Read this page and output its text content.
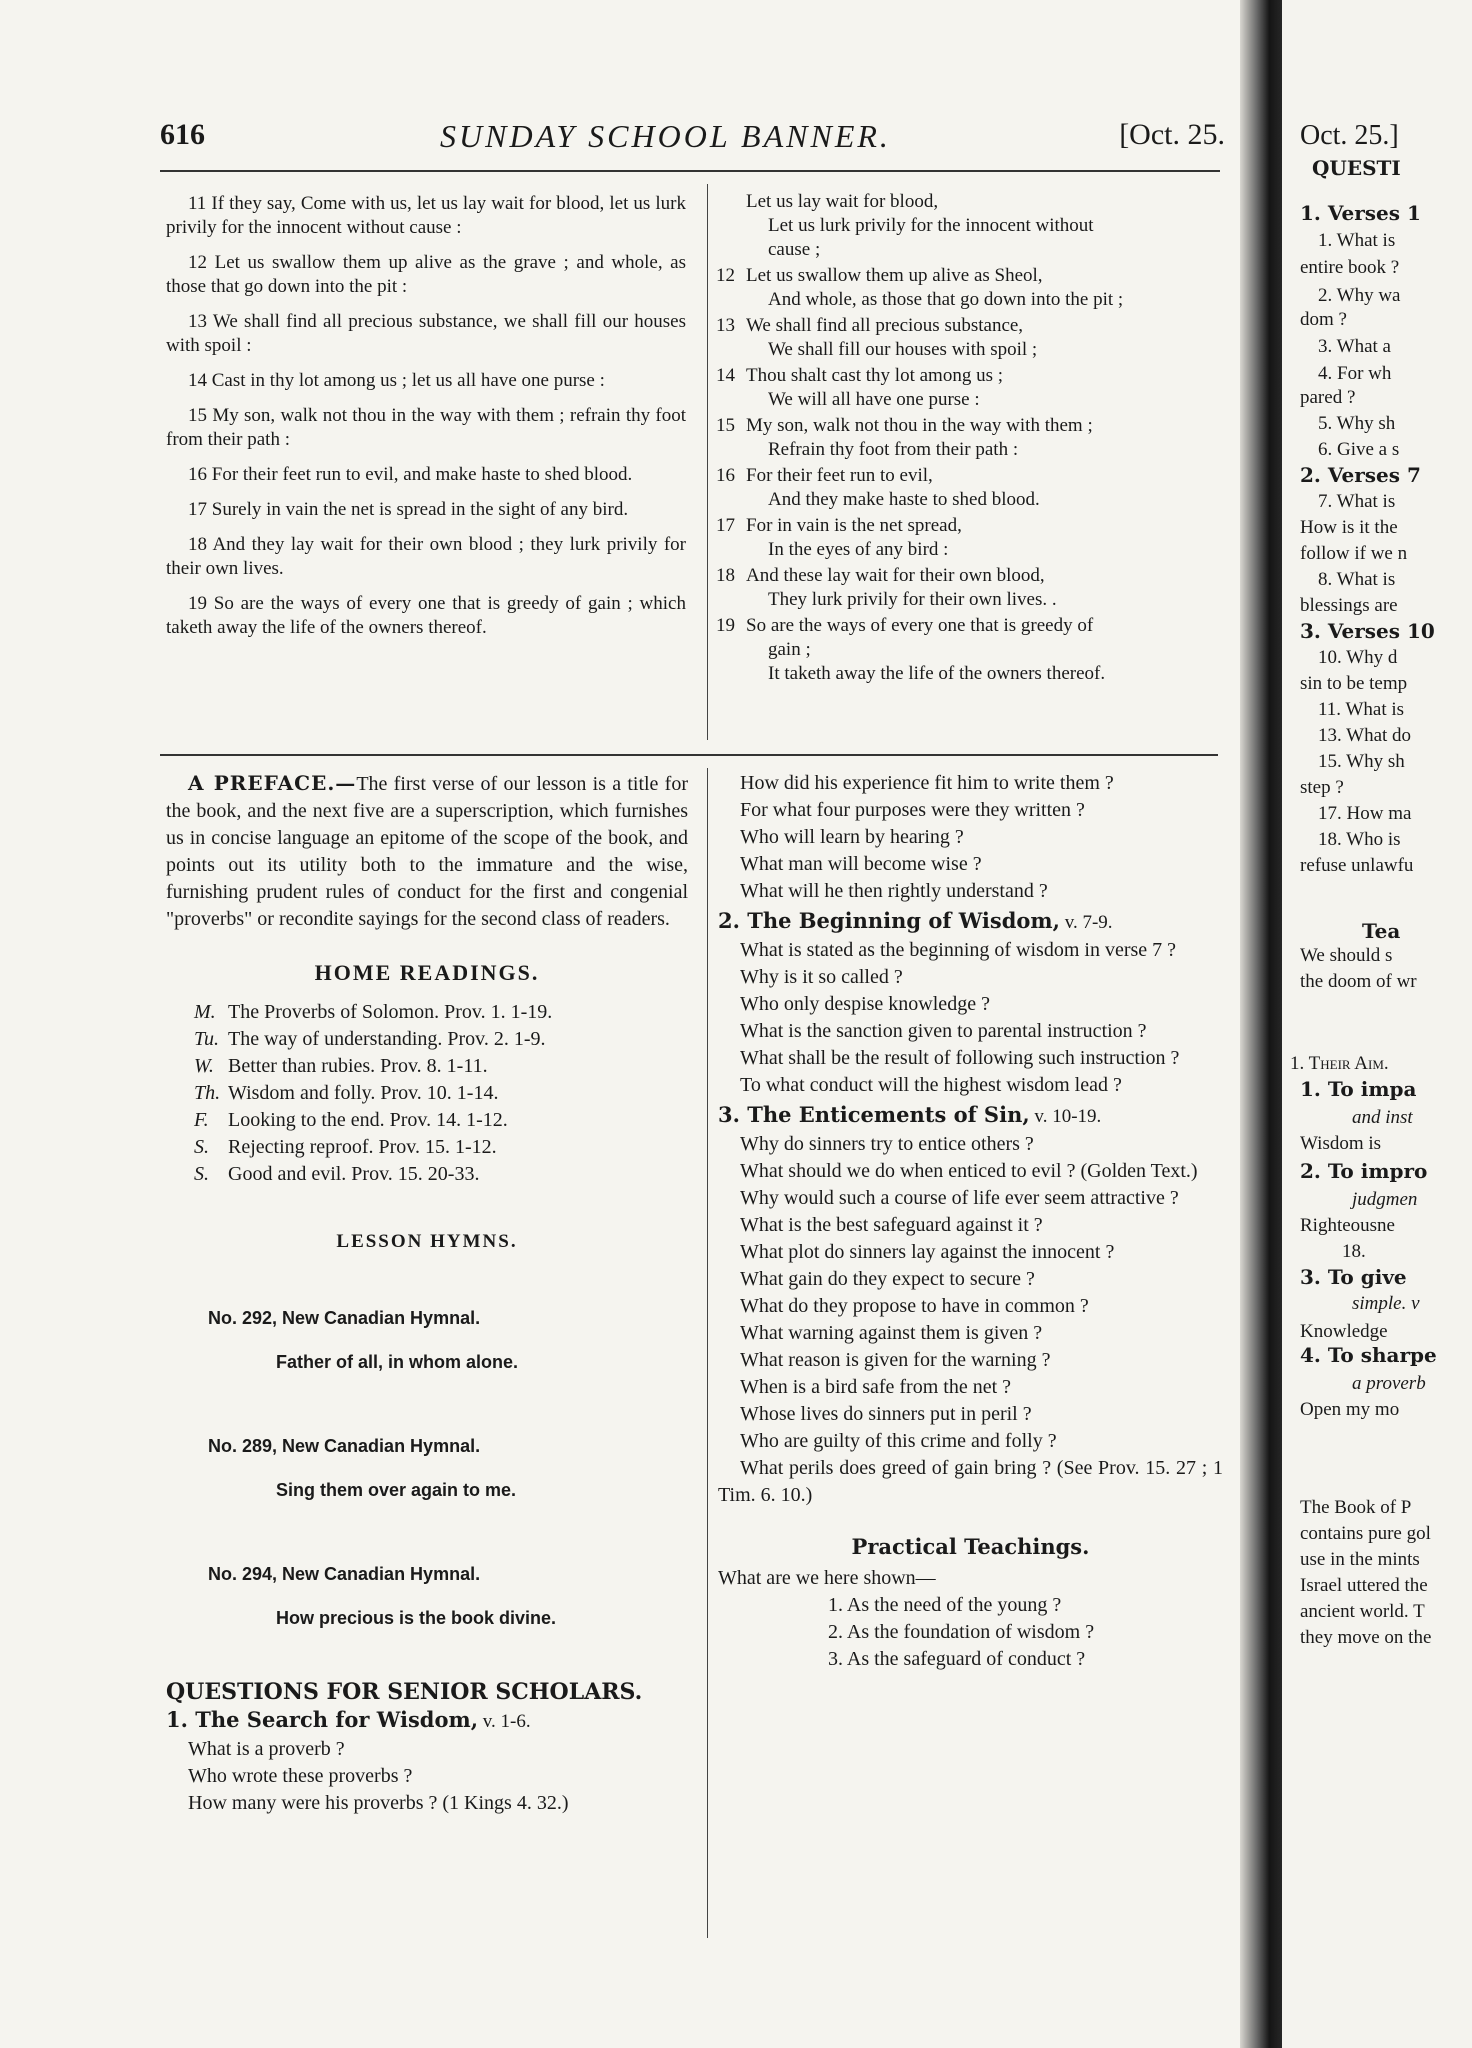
616	SUNDAY SCHOOL BANNER.	[Oct. 25.

11 If they say, Come with us, let us lay wait for blood, let us lurk privily for the innocent without cause :

12 Let us swallow them up alive as the grave ; and whole, as those that go down into the pit :

13 We shall find all precious substance, we shall fill our houses with spoil :

14 Cast in thy lot among us ; let us all have one purse :

15 My son, walk not thou in the way with them ; refrain thy foot from their path :

16 For their feet run to evil, and make haste to shed blood.

17 Surely in vain the net is spread in the sight of any bird.

18 And they lay wait for their own blood ; they lurk privily for their own lives.

19 So are the ways of every one that is greedy of gain ; which taketh away the life of the owners thereof.

Let us lay wait for blood,
Let us lurk privily for the innocent without
cause ;
12 Let us swallow them up alive as Sheol,
And whole, as those that go down into the pit ;
13 We shall find all precious substance,
We shall fill our houses with spoil ;
14 Thou shalt cast thy lot among us ;
We will all have one purse :
15 My son, walk not thou in the way with them ;
Refrain thy foot from their path :
16 For their feet run to evil,
And they make haste to shed blood.
17 For in vain is the net spread,
In the eyes of any bird :
18 And these lay wait for their own blood,
They lurk privily for their own lives. .
19 So are the ways of every one that is greedy of
gain ;
It taketh away the life of the owners thereof.

A PREFACE.—The first verse of our lesson is a title for the book, and the next five are a superscription, which furnishes us in concise language an epitome of the scope of the book, and points out its utility both to the immature and the wise, furnishing prudent rules of conduct for the first and congenial "proverbs" or recondite sayings for the second class of readers.

HOME READINGS.
M. The Proverbs of Solomon. Prov. 1. 1-19.
Tu. The way of understanding. Prov. 2. 1-9.
W. Better than rubies. Prov. 8. 1-11.
Th. Wisdom and folly. Prov. 10. 1-14.
F. Looking to the end. Prov. 14. 1-12.
S. Rejecting reproof. Prov. 15. 1-12.
S. Good and evil. Prov. 15. 20-33.
LESSON HYMNS.
No. 292, New Canadian Hymnal.
Father of all, in whom alone.
No. 289, New Canadian Hymnal.
Sing them over again to me.
No. 294, New Canadian Hymnal.
How precious is the book divine.
QUESTIONS FOR SENIOR SCHOLARS.
1. The Search for Wisdom, v. 1-6.

What is a proverb ?

Who wrote these proverbs ?

How many were his proverbs ? (1 Kings 4. 32.)

How did his experience fit him to write them ?

For what four purposes were they written ?

Who will learn by hearing ?

What man will become wise ?

What will he then rightly understand ?

2. The Beginning of Wisdom, v. 7-9.

What is stated as the beginning of wisdom in verse 7 ?

Why is it so called ?

Who only despise knowledge ?

What is the sanction given to parental instruction ?

What shall be the result of following such instruction ?

To what conduct will the highest wisdom lead ?

3. The Enticements of Sin, v. 10-19.

Why do sinners try to entice others ?

What should we do when enticed to evil ? (Golden Text.)

Why would such a course of life ever seem attractive ?

What is the best safeguard against it ?

What plot do sinners lay against the innocent ?

What gain do they expect to secure ?

What do they propose to have in common ?

What warning against them is given ?

What reason is given for the warning ?

When is a bird safe from the net ?

Whose lives do sinners put in peril ?

Who are guilty of this crime and folly ?

What perils does greed of gain bring ? (See Prov. 15. 27 ; 1 Tim. 6. 10.)

Practical Teachings.
What are we here shown—
1. As the need of the young ?
2. As the foundation of wisdom ?
3. As the safeguard of conduct ?
Oct. 25.]
QUESTI
1. Verses 1
1. What is
entire book ?
2. Why wa
dom ?
3. What a
4. For wh
pared ?
5. Why sh
6. Give a s
2. Verses 7
7. What is
How is it the
follow if we n
8. What is
blessings are
3. Verses 10
10. Why d
sin to be temp
11. What is
13. What do
15. Why sh
step ?
17. How ma
18. Who is
refuse unlawfu
Tea
We should s
the doom of wr
1. Their Aim.
1. To impa
and inst
Wisdom is
2. To impro
judgmen
Righteousne
18.
3. To give
simple. v
Knowledge
4. To sharpe
a proverb
Open my mo
The Book of P
contains pure gol
use in the mints
Israel uttered the
ancient world. T
they move on the
